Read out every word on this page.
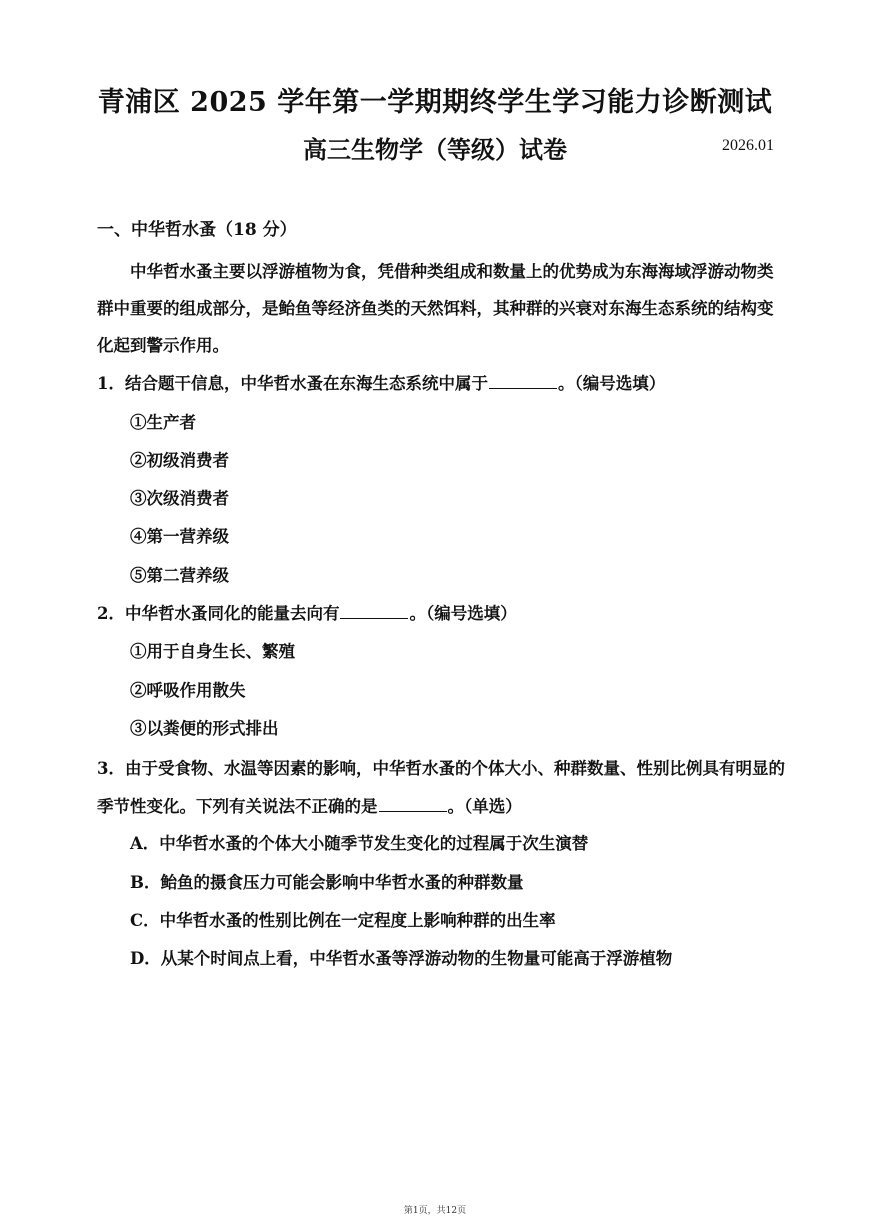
青浦区 2025 学年第一学期期终学生学习能力诊断测试
高三生物学（等级）试卷	2026.01
一、中华哲水蚤（18 分）

中华哲水蚤主要以浮游植物为食，凭借种类组成和数量上的优势成为东海海域浮游动物类群中重要的组成部分，是鲐鱼等经济鱼类的天然饵料，其种群的兴衰对东海生态系统的结构变化起到警示作用。

1．结合题干信息，中华哲水蚤在东海生态系统中属于	。（编号选填）
①生产者
②初级消费者
③次级消费者
④第一营养级
⑤第二营养级
2．中华哲水蚤同化的能量去向有	。（编号选填）
①用于自身生长、繁殖
②呼吸作用散失
③以粪便的形式排出

3．由于受食物、水温等因素的影响，中华哲水蚤的个体大小、种群数量、性别比例具有明显的季节性变化。下列有关说法不正确的是	。（单选）

A．中华哲水蚤的个体大小随季节发生变化的过程属于次生演替
B．鲐鱼的摄食压力可能会影响中华哲水蚤的种群数量
C．中华哲水蚤的性别比例在一定程度上影响种群的出生率
D．从某个时间点上看，中华哲水蚤等浮游动物的生物量可能高于浮游植物
第1页，共12页
